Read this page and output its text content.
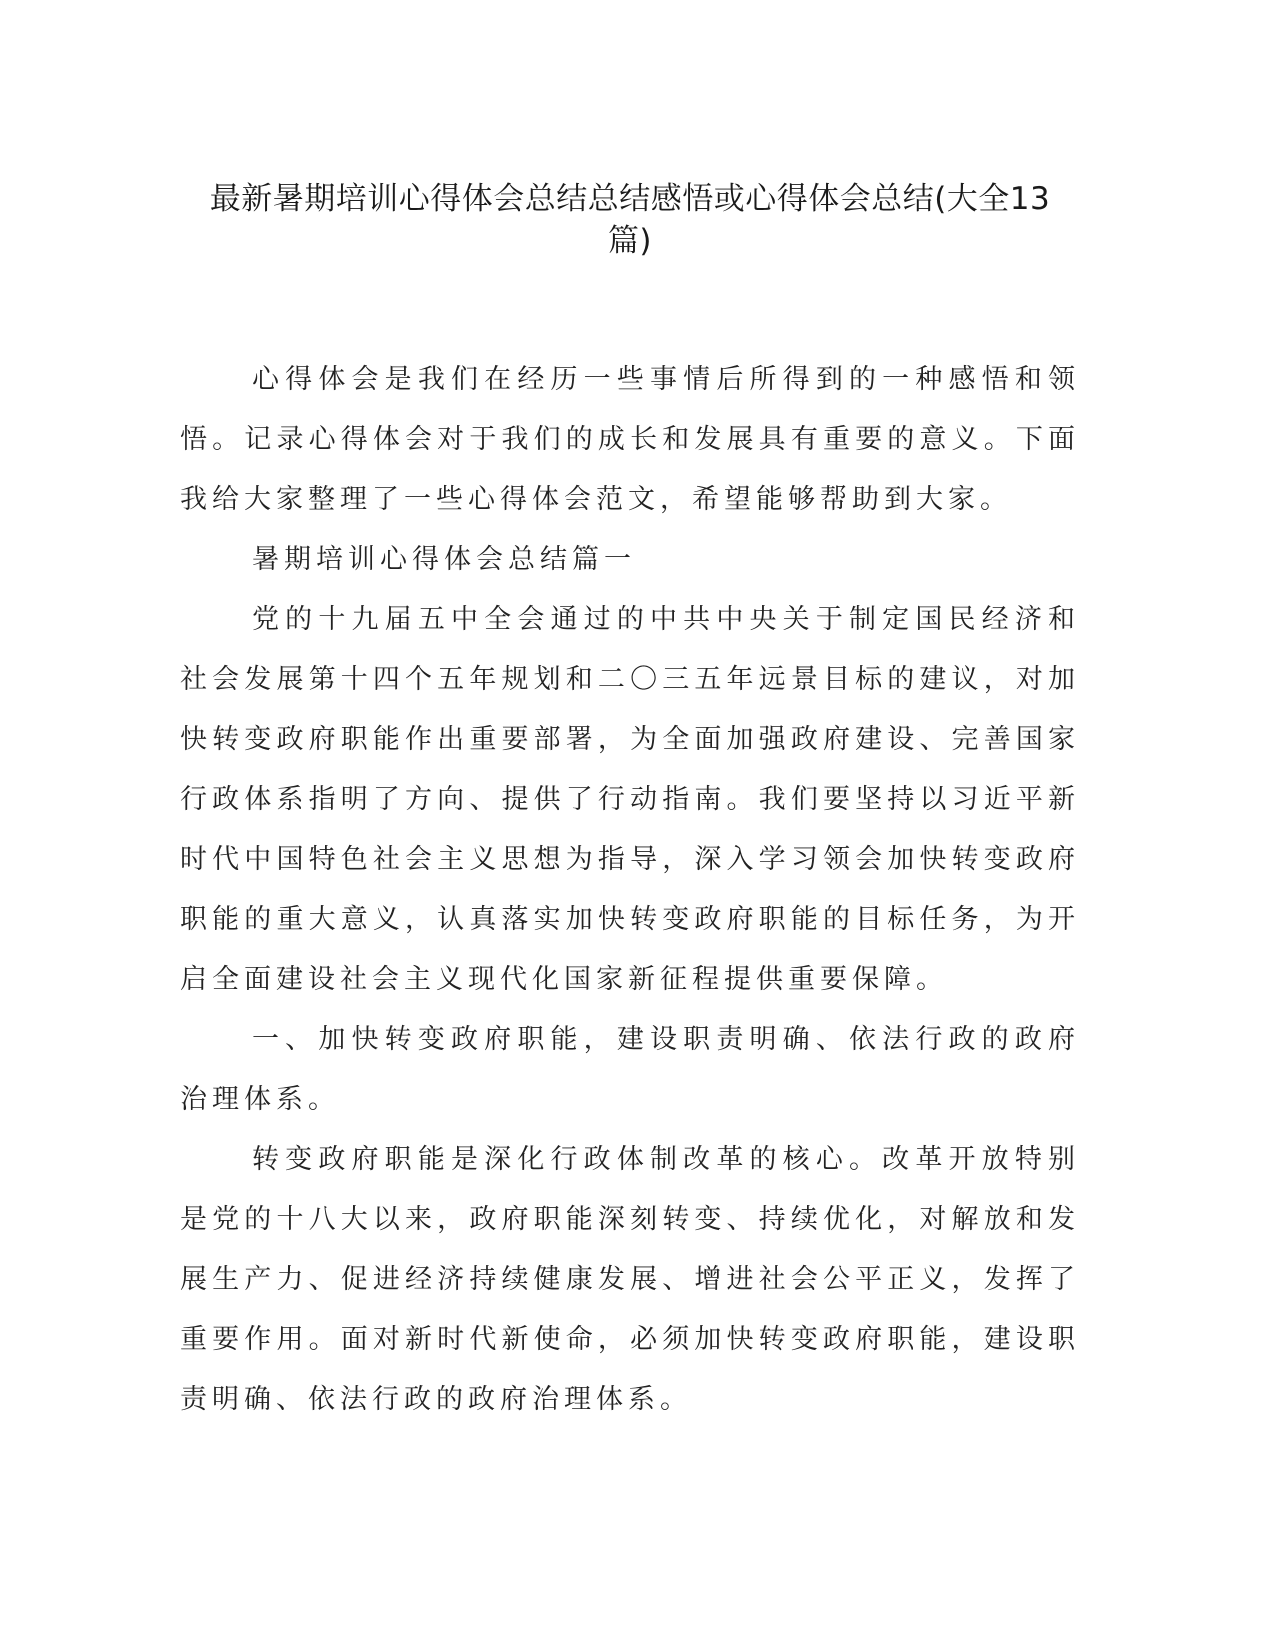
最新暑期培训心得体会总结总结感悟或心得体会总结(大全13
篇)

心得体会是我们在经历一些事情后所得到的一种感悟和领悟。记录心得体会对于我们的成长和发展具有重要的意义。下面我给大家整理了一些心得体会范文，希望能够帮助到大家。

暑期培训心得体会总结篇一

党的十九届五中全会通过的中共中央关于制定国民经济和社会发展第十四个五年规划和二〇三五年远景目标的建议，对加快转变政府职能作出重要部署，为全面加强政府建设、完善国家行政体系指明了方向、提供了行动指南。我们要坚持以习近平新时代中国特色社会主义思想为指导，深入学习领会加快转变政府职能的重大意义，认真落实加快转变政府职能的目标任务，为开启全面建设社会主义现代化国家新征程提供重要保障。

一、加快转变政府职能，建设职责明确、依法行政的政府治理体系。

转变政府职能是深化行政体制改革的核心。改革开放特别是党的十八大以来，政府职能深刻转变、持续优化，对解放和发展生产力、促进经济持续健康发展、增进社会公平正义，发挥了重要作用。面对新时代新使命，必须加快转变政府职能，建设职责明确、依法行政的政府治理体系。
